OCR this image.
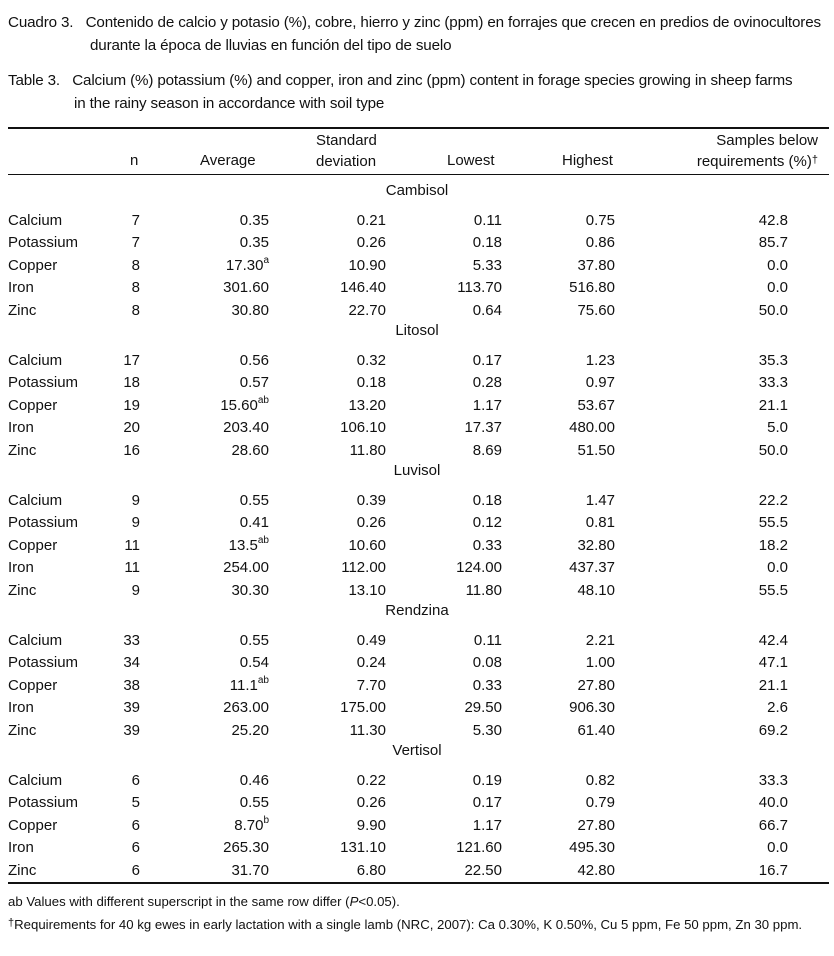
Cuadro 3. Contenido de calcio y potasio (%), cobre, hierro y zinc (ppm) en forrajes que crecen en predios de ovinocultores
durante la época de lluvias en función del tipo de suelo
Table 3. Calcium (%) potassium (%) and copper, iron and zinc (ppm) content in forage species growing in sheep farms
in the rainy season in accordance with soil type
n	Average
Standard
deviation	Lowest	Highest
Samples below
requirements (%)†
Cambisol
Calcium	7	0.35	0.21	0.11	0.75	42.8
Potassium	7	0.35	0.26	0.18	0.86	85.7
Copper	8	17.30$^a$	10.90	5.33	37.80	0.0
Iron	8	301.60	146.40	113.70	516.80	0.0
Zinc	8	30.80	22.70	0.64	75.60	50.0
Litosol
Calcium	17	0.56	0.32	0.17	1.23	35.3
Potassium	18	0.57	0.18	0.28	0.97	33.3
Copper	19	15.60$^{ab}$	13.20	1.17	53.67	21.1
Iron	20	203.40	106.10	17.37	480.00	5.0
Zinc	16	28.60	11.80	8.69	51.50	50.0
Luvisol
Calcium	9	0.55	0.39	0.18	1.47	22.2
Potassium	9	0.41	0.26	0.12	0.81	55.5
Copper	11	13.5$^{ab}$	10.60	0.33	32.80	18.2
Iron	11	254.00	112.00	124.00	437.37	0.0
Zinc	9	30.30	13.10	11.80	48.10	55.5
Rendzina
Calcium	33	0.55	0.49	0.11	2.21	42.4
Potassium	34	0.54	0.24	0.08	1.00	47.1
Copper	38	11.1$^{ab}$	7.70	0.33	27.80	21.1
Iron	39	263.00	175.00	29.50	906.30	2.6
Zinc	39	25.20	11.30	5.30	61.40	69.2
Vertisol
Calcium	6	0.46	0.22	0.19	0.82	33.3
Potassium	5	0.55	0.26	0.17	0.79	40.0
Copper	6	8.70$^b$	9.90	1.17	27.80	66.7
Iron	6	265.30	131.10	121.60	495.30	0.0
Zinc	6	31.70	6.80	22.50	42.80	16.7
ab Values with different superscript in the same row differ (P<0.05).
†Requirements for 40 kg ewes in early lactation with a single lamb (NRC, 2007): Ca 0.30%, K 0.50%, Cu 5 ppm, Fe 50 ppm, Zn 30 ppm.
